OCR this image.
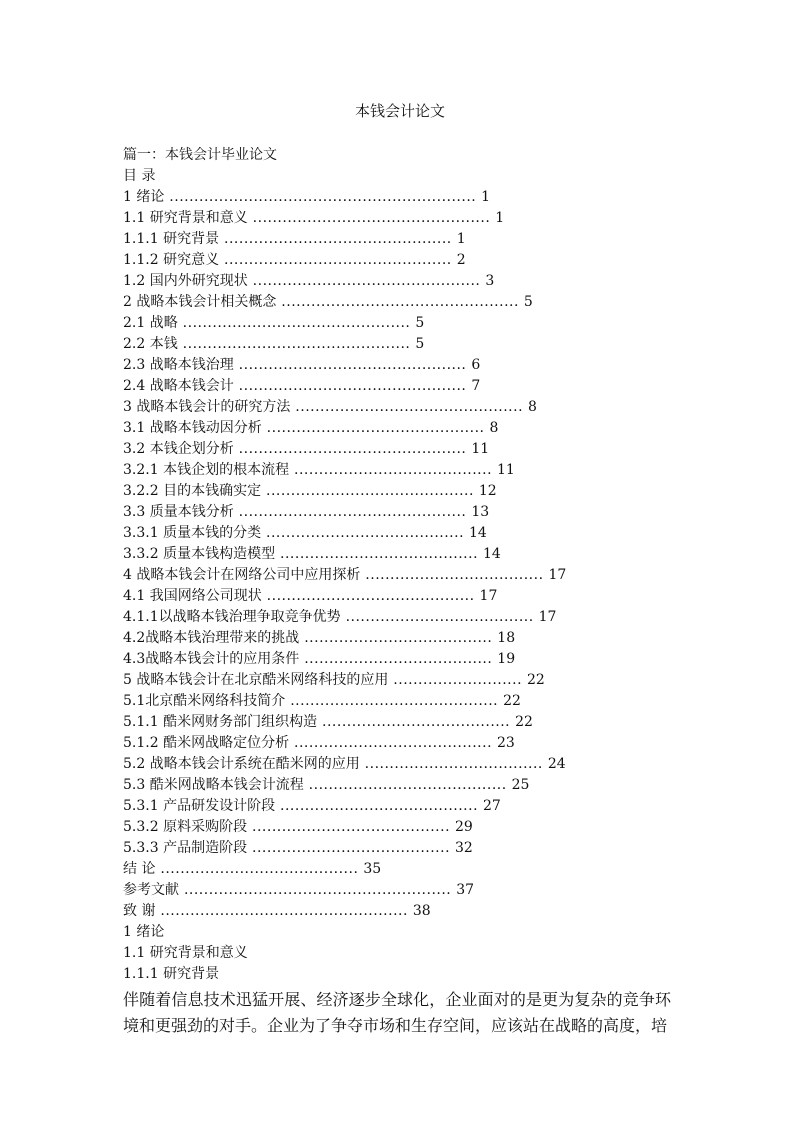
本钱会计论文
篇一：本钱会计毕业论文
目 录
1 绪论 .............................................................. 1
1.1 研究背景和意义 ................................................ 1
1.1.1 研究背景 .............................................. 1
1.1.2 研究意义 .............................................. 2
1.2 国内外研究现状 .............................................. 3
2 战略本钱会计相关概念 ................................................ 5
2.1 战略 .............................................. 5
2.2 本钱 .............................................. 5
2.3 战略本钱治理 .............................................. 6
2.4 战略本钱会计 .............................................. 7
3 战略本钱会计的研究方法 .............................................. 8
3.1 战略本钱动因分析 ............................................ 8
3.2 本钱企划分析 .............................................. 11
3.2.1 本钱企划的根本流程 ........................................ 11
3.2.2 目的本钱确实定 .......................................... 12
3.3 质量本钱分析 .............................................. 13
3.3.1 质量本钱的分类 ........................................ 14
3.3.2 质量本钱构造模型 ........................................ 14
4 战略本钱会计在网络公司中应用探析 .................................... 17
4.1 我国网络公司现状 .......................................... 17
4.1.1以战略本钱治理争取竞争优势 ...................................... 17
4.2战略本钱治理带来的挑战 ...................................... 18
4.3战略本钱会计的应用条件 ...................................... 19
5 战略本钱会计在北京酷米网络科技的应用 .......................... 22
5.1北京酷米网络科技简介 .......................................... 22
5.1.1 酷米网财务部门组织构造 ...................................... 22
5.1.2 酷米网战略定位分析 ........................................ 23
5.2 战略本钱会计系统在酷米网的应用 .................................... 24
5.3 酷米网战略本钱会计流程 ........................................ 25
5.3.1 产品研发设计阶段 ........................................ 27
5.3.2 原料采购阶段 ........................................ 29
5.3.3 产品制造阶段 ........................................ 32
结 论 ........................................ 35
参考文献 ...................................................... 37
致 谢 .................................................. 38
1 绪论
1.1 研究背景和意义
1.1.1 研究背景
伴随着信息技术迅猛开展、经济逐步全球化，企业面对的是更为复杂的竞争环境和更强劲的对手。企业为了争夺市场和生存空间，应该站在战略的高度，培
